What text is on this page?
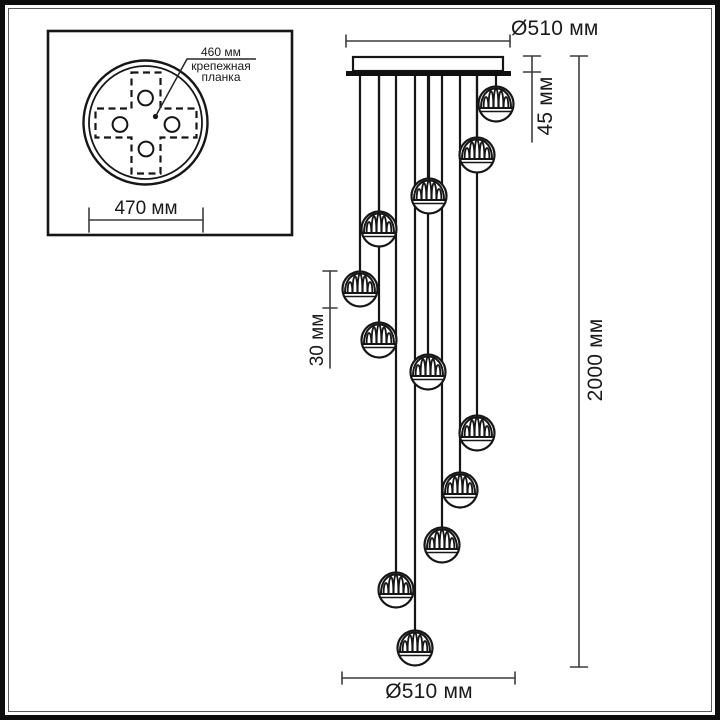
460 мм
крепежная
планка
470 мм
Ø510 мм
45 мм
2000 мм
30 мм
Ø510 мм
